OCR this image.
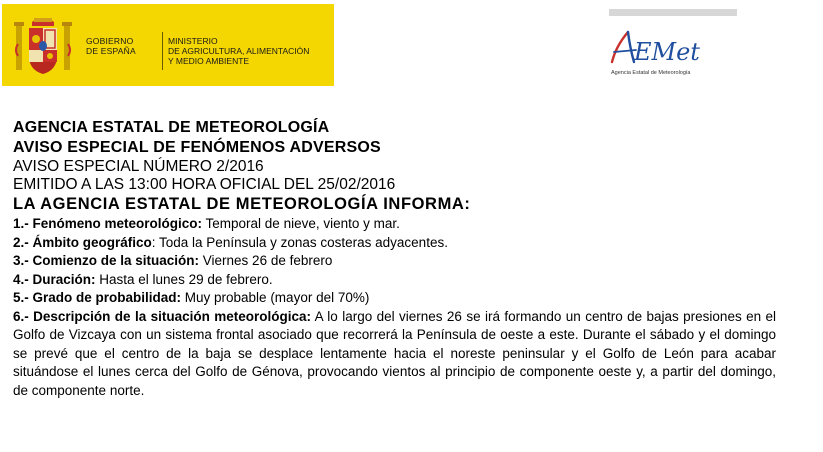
GOBIERNO
DE ESPAÑA
MINISTERIO
DE AGRICULTURA, ALIMENTACIÓN
Y MEDIO AMBIENTE	EMet
Agencia Estatal de Meteorología

AGENCIA ESTATAL DE METEOROLOGÍA

AVISO ESPECIAL DE FENÓMENOS ADVERSOS

AVISO ESPECIAL NÚMERO 2/2016

EMITIDO A LAS 13:00 HORA OFICIAL DEL 25/02/2016

LA AGENCIA ESTATAL DE METEOROLOGÍA INFORMA:

1.- Fenómeno meteorológico: Temporal de nieve, viento y mar.

2.- Ámbito geográfico: Toda la Península y zonas costeras adyacentes.

3.- Comienzo de la situación: Viernes 26 de febrero

4.- Duración: Hasta el lunes 29 de febrero.

5.- Grado de probabilidad: Muy probable (mayor del 70%)

6.- Descripción de la situación meteorológica: A lo largo del viernes 26 se irá formando un centro de bajas presiones en el Golfo de Vizcaya con un sistema frontal asociado que recorrerá la Península de oeste a este. Durante el sábado y el domingo se prevé que el centro de la baja se desplace lentamente hacia el noreste peninsular y el Golfo de León para acabar situándose el lunes cerca del Golfo de Génova, provocando vientos al principio de componente oeste y, a partir del domingo, de componente norte.
